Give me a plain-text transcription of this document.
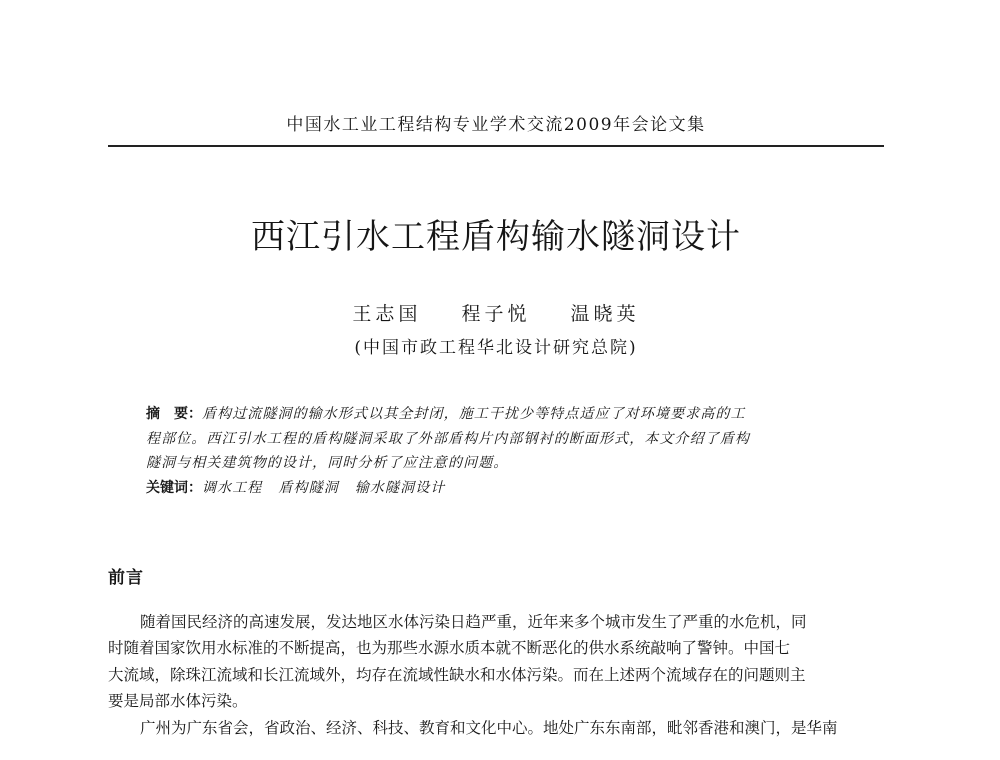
中国水工业工程结构专业学术交流2009年会论文集
西江引水工程盾构输水隧洞设计
王志国 程子悦 温晓英
(中国市政工程华北设计研究总院)
摘　要：盾构过流隧洞的输水形式以其全封闭，施工干扰少等特点适应了对环境要求高的工
程部位。西江引水工程的盾构隧洞采取了外部盾构片内部钢衬的断面形式，本文介绍了盾构
隧洞与相关建筑物的设计，同时分析了应注意的问题。
关键词：调水工程 盾构隧洞 输水隧洞设计
前言
随着国民经济的高速发展，发达地区水体污染日趋严重，近年来多个城市发生了严重的水危机，同
时随着国家饮用水标准的不断提高，也为那些水源水质本就不断恶化的供水系统敲响了警钟。中国七
大流域，除珠江流域和长江流域外，均存在流域性缺水和水体污染。而在上述两个流域存在的问题则主
要是局部水体污染。
广州为广东省会，省政治、经济、科技、教育和文化中心。地处广东东南部，毗邻香港和澳门，是华南
